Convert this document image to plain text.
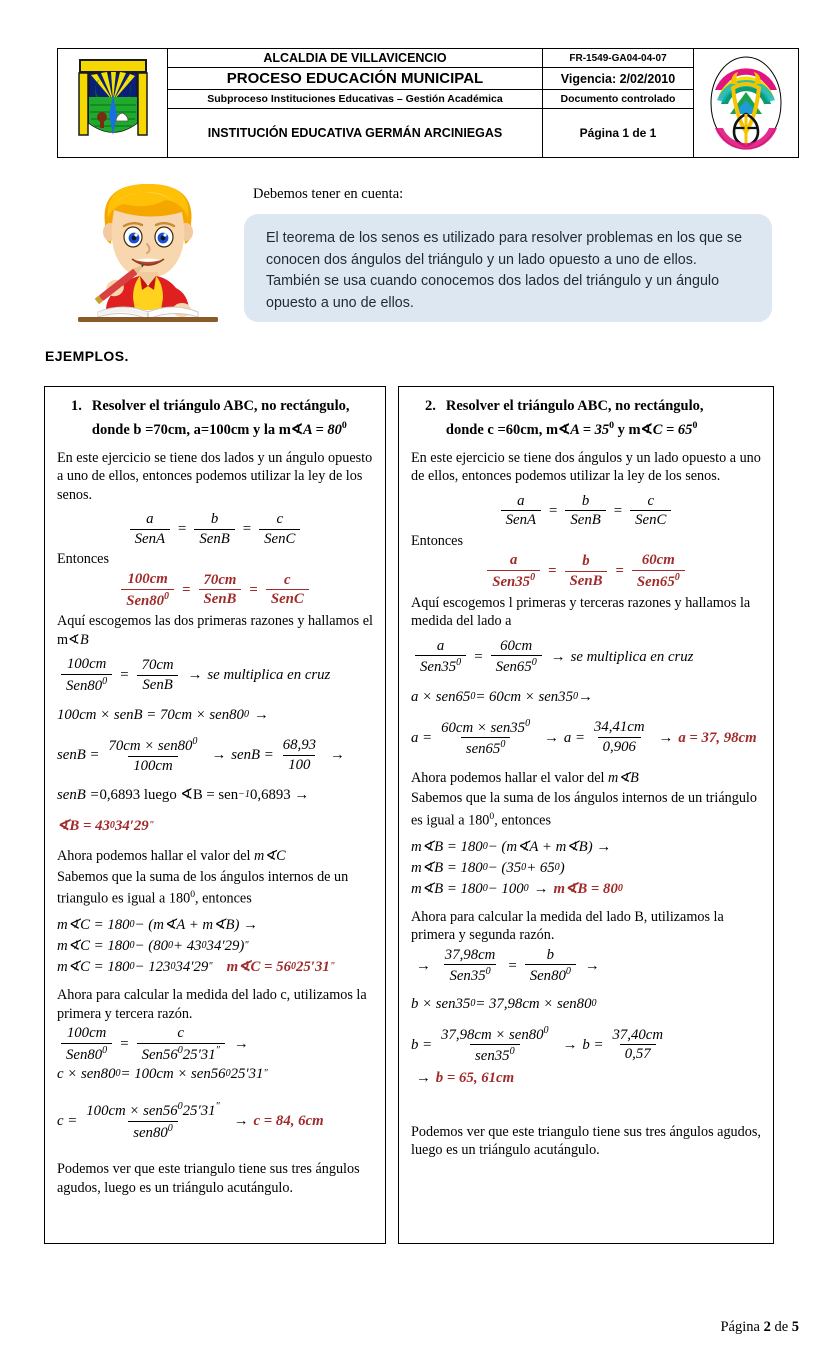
ALCALDIA DE VILLAVICENCIO	FR-1549-GA04-04-07
PROCESO EDUCACIÓN MUNICIPAL	Vigencia: 2/02/2010
Subproceso Instituciones Educativas – Gestión Académica	Documento controlado
INSTITUCIÓN EDUCATIVA GERMÁN ARCINIEGAS	Página 1 de 1
Debemos tener en cuenta:

El teorema de los senos es utilizado para resolver problemas en los que se conocen dos ángulos del triángulo y un lado opuesto a uno de ellos. También se usa cuando conocemos dos lados del triángulo y un ángulo opuesto a uno de ellos.

EJEMPLOS.
1. Resolver el triángulo ABC, no rectángulo,
donde b =70cm, a=100cm y la m∢A = $80^0$

En este ejercicio se tiene dos lados y un ángulo opuesto a uno de ellos, entonces podemos utilizar la ley de los senos.

$\frac{a}{\text{SenA}} = \frac{b}{\text{SenB}} = \frac{c}{\text{SenC}}$

Entonces

$\frac{100cm}{Sen80^0} = \frac{70cm}{\text{SenB}} = \frac{c}{\text{SenC}}$

Aquí escogemos las dos primeras razones y hallamos el m∢B

$\frac{100cm}{Sen80^0} = \frac{70cm}{\text{SenB}}$ → se multiplica en cruz
100cm × senB = 70cm × sen80 0 →
senB = $\frac{70cm \times sen80^0}{100cm}$ → senB = $\frac{68,93}{100}$ →
senB = 0,6893 luego ∢B = sen −1 0,6893 →
∢B = 43 0 34′29 "

Ahora podemos hallar el valor del m∢C

Sabemos que la suma de los ángulos internos de un triangulo es igual a $180^0$, entonces

m∢C = 180 0 − (m∢A + m∢B) →
m∢C = 180 0 − (80 0 + 43 0 34′29) "
m∢C = 180 0 − 123 0 34′29 " m∢C = 56 0 25′31 "

Ahora para calcular la medida del lado c, utilizamos la primera y tercera razón.

$\frac{100cm}{Sen80^0} = \frac{c}{Sen56^025'31^"}$ →
c × sen80 0 = 100cm × sen56 0 25′31 "
$c = \frac{100cm \times sen56^025'31^"}{sen80^0} \to c = 84$, 6cm

Podemos ver que este triangulo tiene sus tres ángulos agudos, luego es un triángulo acutángulo.

2. Resolver el triángulo ABC, no rectángulo,
donde c =60cm, m∢A = $35^0$ y m∢C = $65^0$

En este ejercicio se tiene dos ángulos y un lado opuesto a uno de ellos, entonces podemos utilizar la ley de los senos.

$\frac{a}{\text{SenA}} = \frac{b}{\text{SenB}} = \frac{c}{\text{SenC}}$

Entonces

$\frac{a}{Sen35^0} = \frac{b}{\text{SenB}} = \frac{60cm}{Sen65^0}$

Aquí escogemos l primeras y terceras razones y hallamos la medida del lado a

$\frac{a}{Sen35^0} = \frac{60cm}{Sen65^0}$ → se multiplica en cruz
a × sen65 0 = 60cm × sen35 0 →
$a = \frac{60cm \times sen35^0}{sen65^0} \to a = \frac{34,41cm}{0,906} \to a = 37$, 98cm

Ahora podemos hallar el valor del m∢B

Sabemos que la suma de los ángulos internos de un triángulo es igual a $180^0$, entonces

m∢B = 180 0 − (m∢A + m∢B) →
m∢B = 180 0 − (35 0 + 65 0 )
m∢B = 180 0 − 100 0 → m∢B = 80 0

Ahora para calcular la medida del lado B, utilizamos la primera y segunda razón.

→ $\frac{37,98cm}{Sen35^0} = \frac{b}{Sen80^0}$ →
b × sen35 0 = 37,98cm × sen80 0
$b = \frac{37,98cm \times sen80^0}{sen35^0} \to b = \frac{37,40cm}{0,57}$
→ b = 65, 61cm

Podemos ver que este triangulo tiene sus tres ángulos agudos, luego es un triángulo acutángulo.

Página 2 de 5
